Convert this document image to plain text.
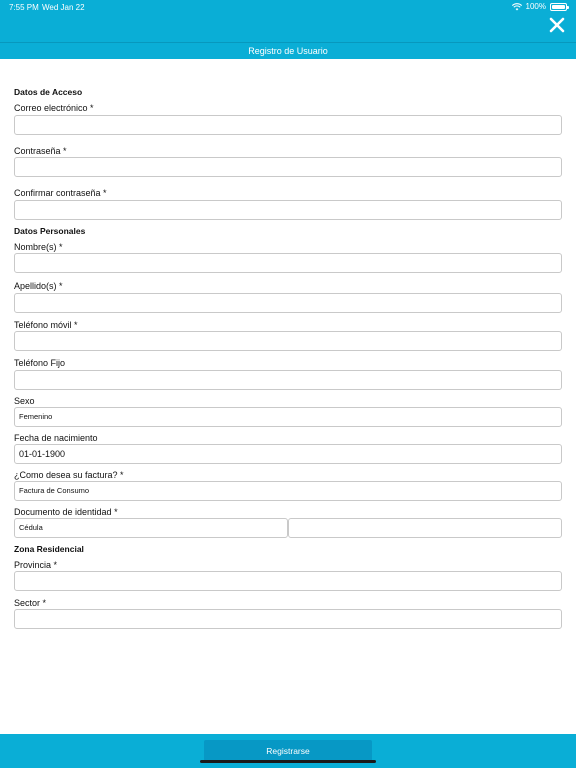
7:55 PM Wed Jan 22	100%
Registro de Usuario
Datos de Acceso
Correo electrónico *
Contraseña *
Confirmar contraseña *
Datos Personales
Nombre(s) *
Apellido(s) *
Teléfono móvil *
Teléfono Fijo
Sexo
Femenino
Fecha de nacimiento
01-01-1900
¿Como desea su factura? *
Factura de Consumo
Documento de identidad *
Cédula
Zona Residencial
Provincia *
Sector *
Registrarse
